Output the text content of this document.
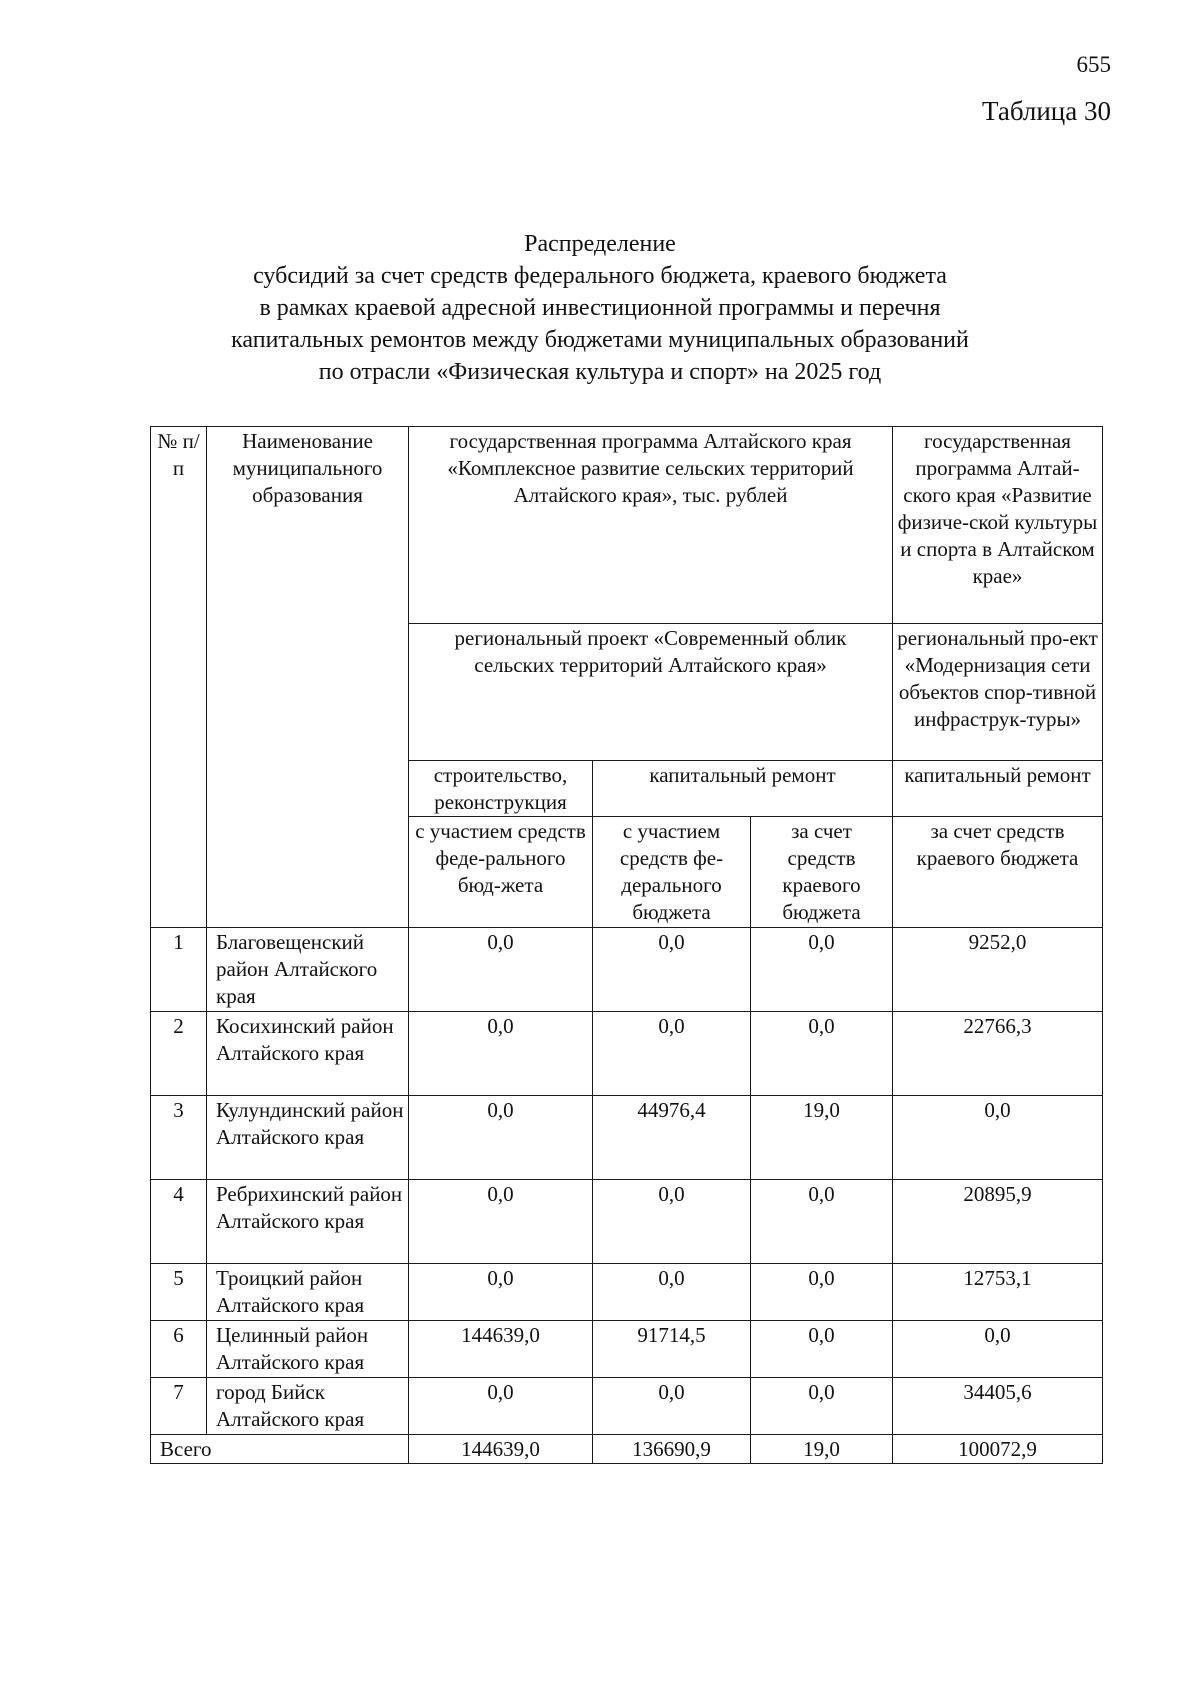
655
Таблица 30
Распределение
субсидий за счет средств федерального бюджета, краевого бюджета
в рамках краевой адресной инвестиционной программы и перечня
капитальных ремонтов между бюджетами муниципальных образований
по отрасли «Физическая культура и спорт» на 2025 год
№ п/п	Наименование муниципального образования	государственная программа Алтайского края «Комплексное развитие сельских территорий Алтайского края», тыс. рублей			государственная программа Алтай-ского края «Развитие физиче-ской культуры и спорта в Алтайском крае»
		региональный проект «Современный облик сельских территорий Алтайского края»			региональный про-ект «Модернизация сети объектов спор-тивной инфраструк-туры»
		строительство, реконструкция	капитальный ремонт		капитальный ремонт
		с участием средств феде-рального бюд-жета	с участием средств фе-дерального бюджета	за счет средств краевого бюджета	за счет средств краевого бюджета
1	Благовещенский район Алтайского края	0,0	0,0	0,0	9252,0
2	Косихинский район Алтайского края	0,0	0,0	0,0	22766,3
3	Кулундинский район Алтайского края	0,0	44976,4	19,0	0,0
4	Ребрихинский район Алтайского края	0,0	0,0	0,0	20895,9
5	Троицкий район Алтайского края	0,0	0,0	0,0	12753,1
6	Целинный район Алтайского края	144639,0	91714,5	0,0	0,0
7	город Бийск Алтайского края	0,0	0,0	0,0	34405,6
Всего		144639,0	136690,9	19,0	100072,9
